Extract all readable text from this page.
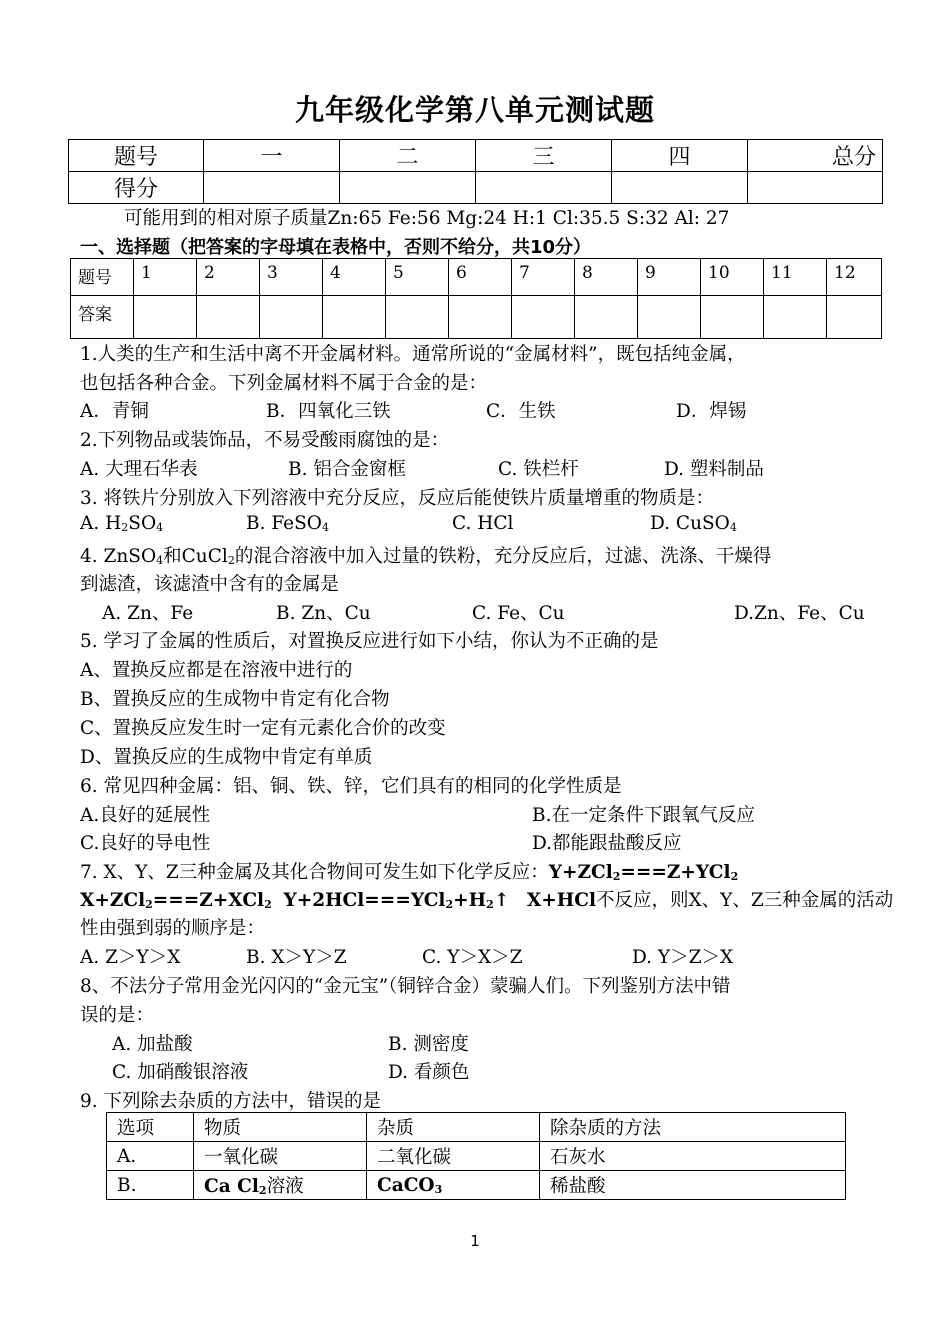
九年级化学第八单元测试题
题号	一	二	三	四	总分
得分					
可能用到的相对原子质量Zn:65 Fe:56 Mg:24 H:1 Cl:35.5 S:32 Al: 27
一、选择题（把答案的字母填在表格中，否则不给分，共10分）
题号	1	2	3	4	5	6	7	8	9	10	11	12
答案												
1.人类的生产和生活中离不开金属材料。通常所说的“金属材料”，既包括纯金属，
也包括各种合金。下列金属材料不属于合金的是：
A．青铜	B．四氧化三铁	C．生铁	D．焊锡
2.下列物品或装饰品，不易受酸雨腐蚀的是：
A. 大理石华表	B. 铝合金窗框	C. 铁栏杆	D. 塑料制品
3. 将铁片分别放入下列溶液中充分反应，反应后能使铁片质量增重的物质是：
A. $H_2SO_4$	B. FeSO$_4$	C. HCl	D. CuSO$_4$
4. ZnSO$_4$和CuCl$_2$的混合溶液中加入过量的铁粉，充分反应后，过滤、洗涤、干燥得
到滤渣，该滤渣中含有的金属是
A. Zn、Fe	B. Zn、Cu	C. Fe、Cu	D.Zn、Fe、Cu
5. 学习了金属的性质后，对置换反应进行如下小结，你认为不正确的是
A、置换反应都是在溶液中进行的
B、置换反应的生成物中肯定有化合物
C、置换反应发生时一定有元素化合价的改变
D、置换反应的生成物中肯定有单质
6. 常见四种金属：铝、铜、铁、锌，它们具有的相同的化学性质是
A.良好的延展性	B.在一定条件下跟氧气反应
C.良好的导电性	D.都能跟盐酸反应
7. X、Y、Z三种金属及其化合物间可发生如下化学反应：Y+ZCl$_2$===Z+YCl$_2$
X+ZCl$_2$===Z+XCl$_2$ $Y+2HCl===YCl_2+H_2↑$ X+HCl不反应，则X、Y、Z三种金属的活动
性由强到弱的顺序是：
A. Z＞Y＞X	B. X＞Y＞Z	C. Y＞X＞Z	D. Y＞Z＞X
8、不法分子常用金光闪闪的“金元宝”（铜锌合金）蒙骗人们。下列鉴别方法中错
误的是：
A. 加盐酸	B. 测密度
C. 加硝酸银溶液	D. 看颜色
9. 下列除去杂质的方法中，错误的是
选项	物质	杂质	除杂质的方法
A.	一氧化碳	二氧化碳	石灰水
B.	Ca $Cl_2$溶液	CaCO$_3$	稀盐酸
1
